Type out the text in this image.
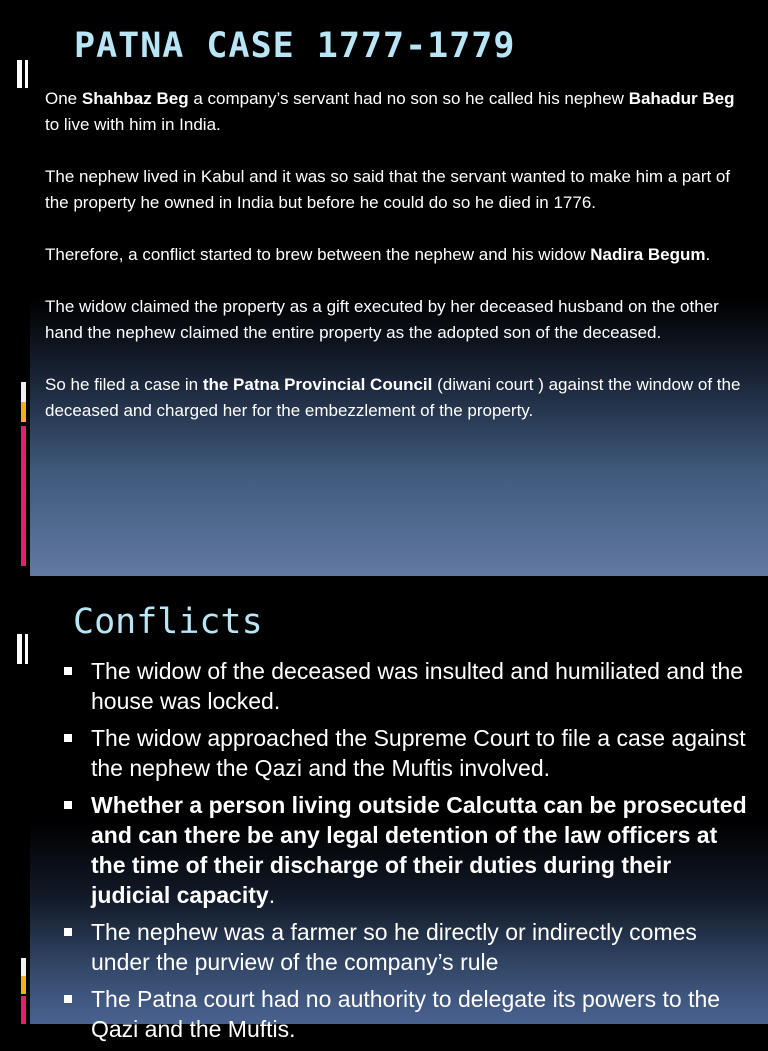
PATNA CASE 1777-1779

One Shahbaz Beg a company’s servant had no son so he called his nephew Bahadur Beg to live with him in India.

The nephew lived in Kabul and it was so said that the servant wanted to make him a part of the property he owned in India but before he could do so he died in 1776.

Therefore, a conflict started to brew between the nephew and his widow Nadira Begum.

The widow claimed the property as a gift executed by her deceased husband on the other hand the nephew claimed the entire property as the adopted son of the deceased.

So he filed a case in the Patna Provincial Council (diwani court ) against the window of the deceased and charged her for the embezzlement of the property.

Conflicts
The widow of the deceased was insulted and humiliated and the house was locked.
The widow approached the Supreme Court to file a case against the nephew the Qazi and the Muftis involved.
Whether a person living outside Calcutta can be prosecuted and can there be any legal detention of the law officers at the time of their discharge of their duties during their judicial capacity.
The nephew was a farmer so he directly or indirectly comes under the purview of the company’s rule
The Patna court had no authority to delegate its powers to the Qazi and the Muftis.
